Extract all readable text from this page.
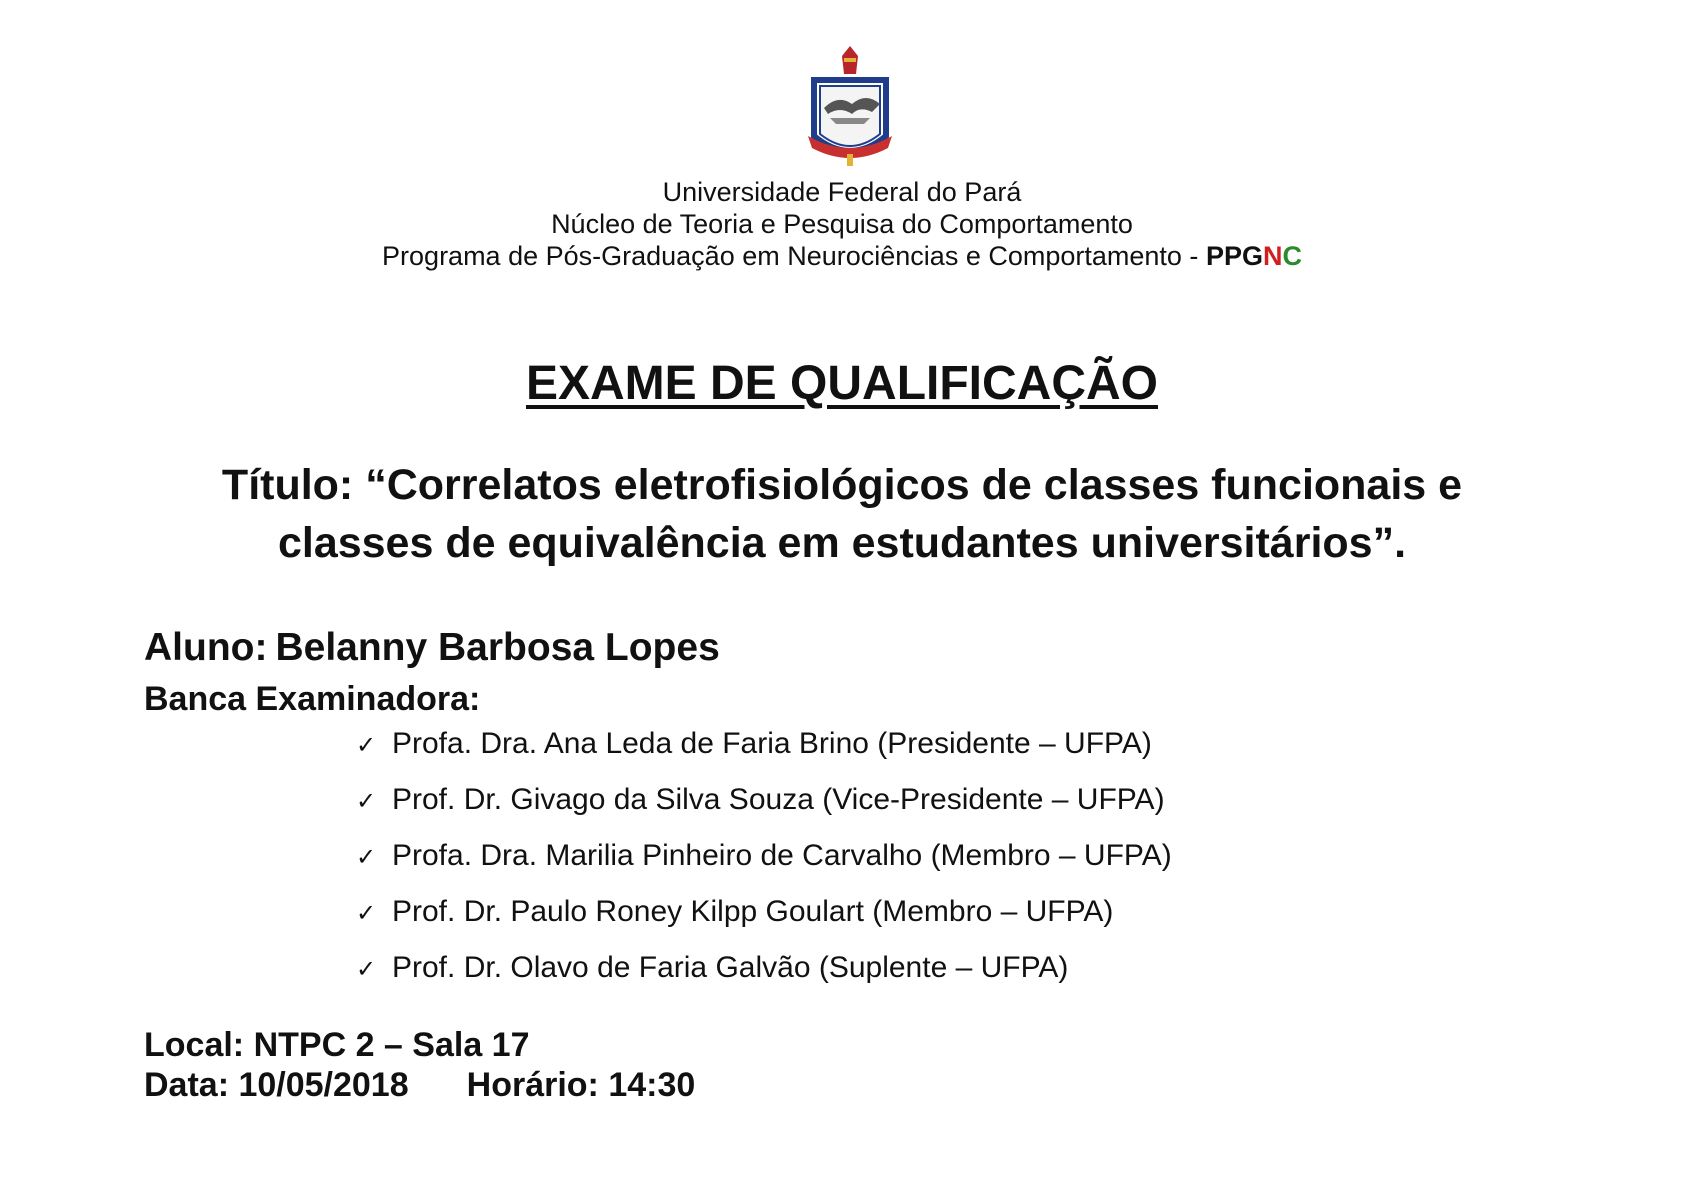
Universidade Federal do Pará
Núcleo de Teoria e Pesquisa do Comportamento
Programa de Pós-Graduação em Neurociências e Comportamento - PPGNC
EXAME DE QUALIFICAÇÃO
Título: “Correlatos eletrofisiológicos de classes funcionais e
classes de equivalência em estudantes universitários”.
Aluno: Belanny Barbosa Lopes
Banca Examinadora:
✓ Profa. Dra. Ana Leda de Faria Brino (Presidente – UFPA)
✓ Prof. Dr. Givago da Silva Souza (Vice-Presidente – UFPA)
✓ Profa. Dra. Marilia Pinheiro de Carvalho (Membro – UFPA)
✓ Prof. Dr. Paulo Roney Kilpp Goulart (Membro – UFPA)
✓ Prof. Dr. Olavo de Faria Galvão (Suplente – UFPA)
Local: NTPC 2 – Sala 17
Data: 10/05/2018 Horário: 14:30
